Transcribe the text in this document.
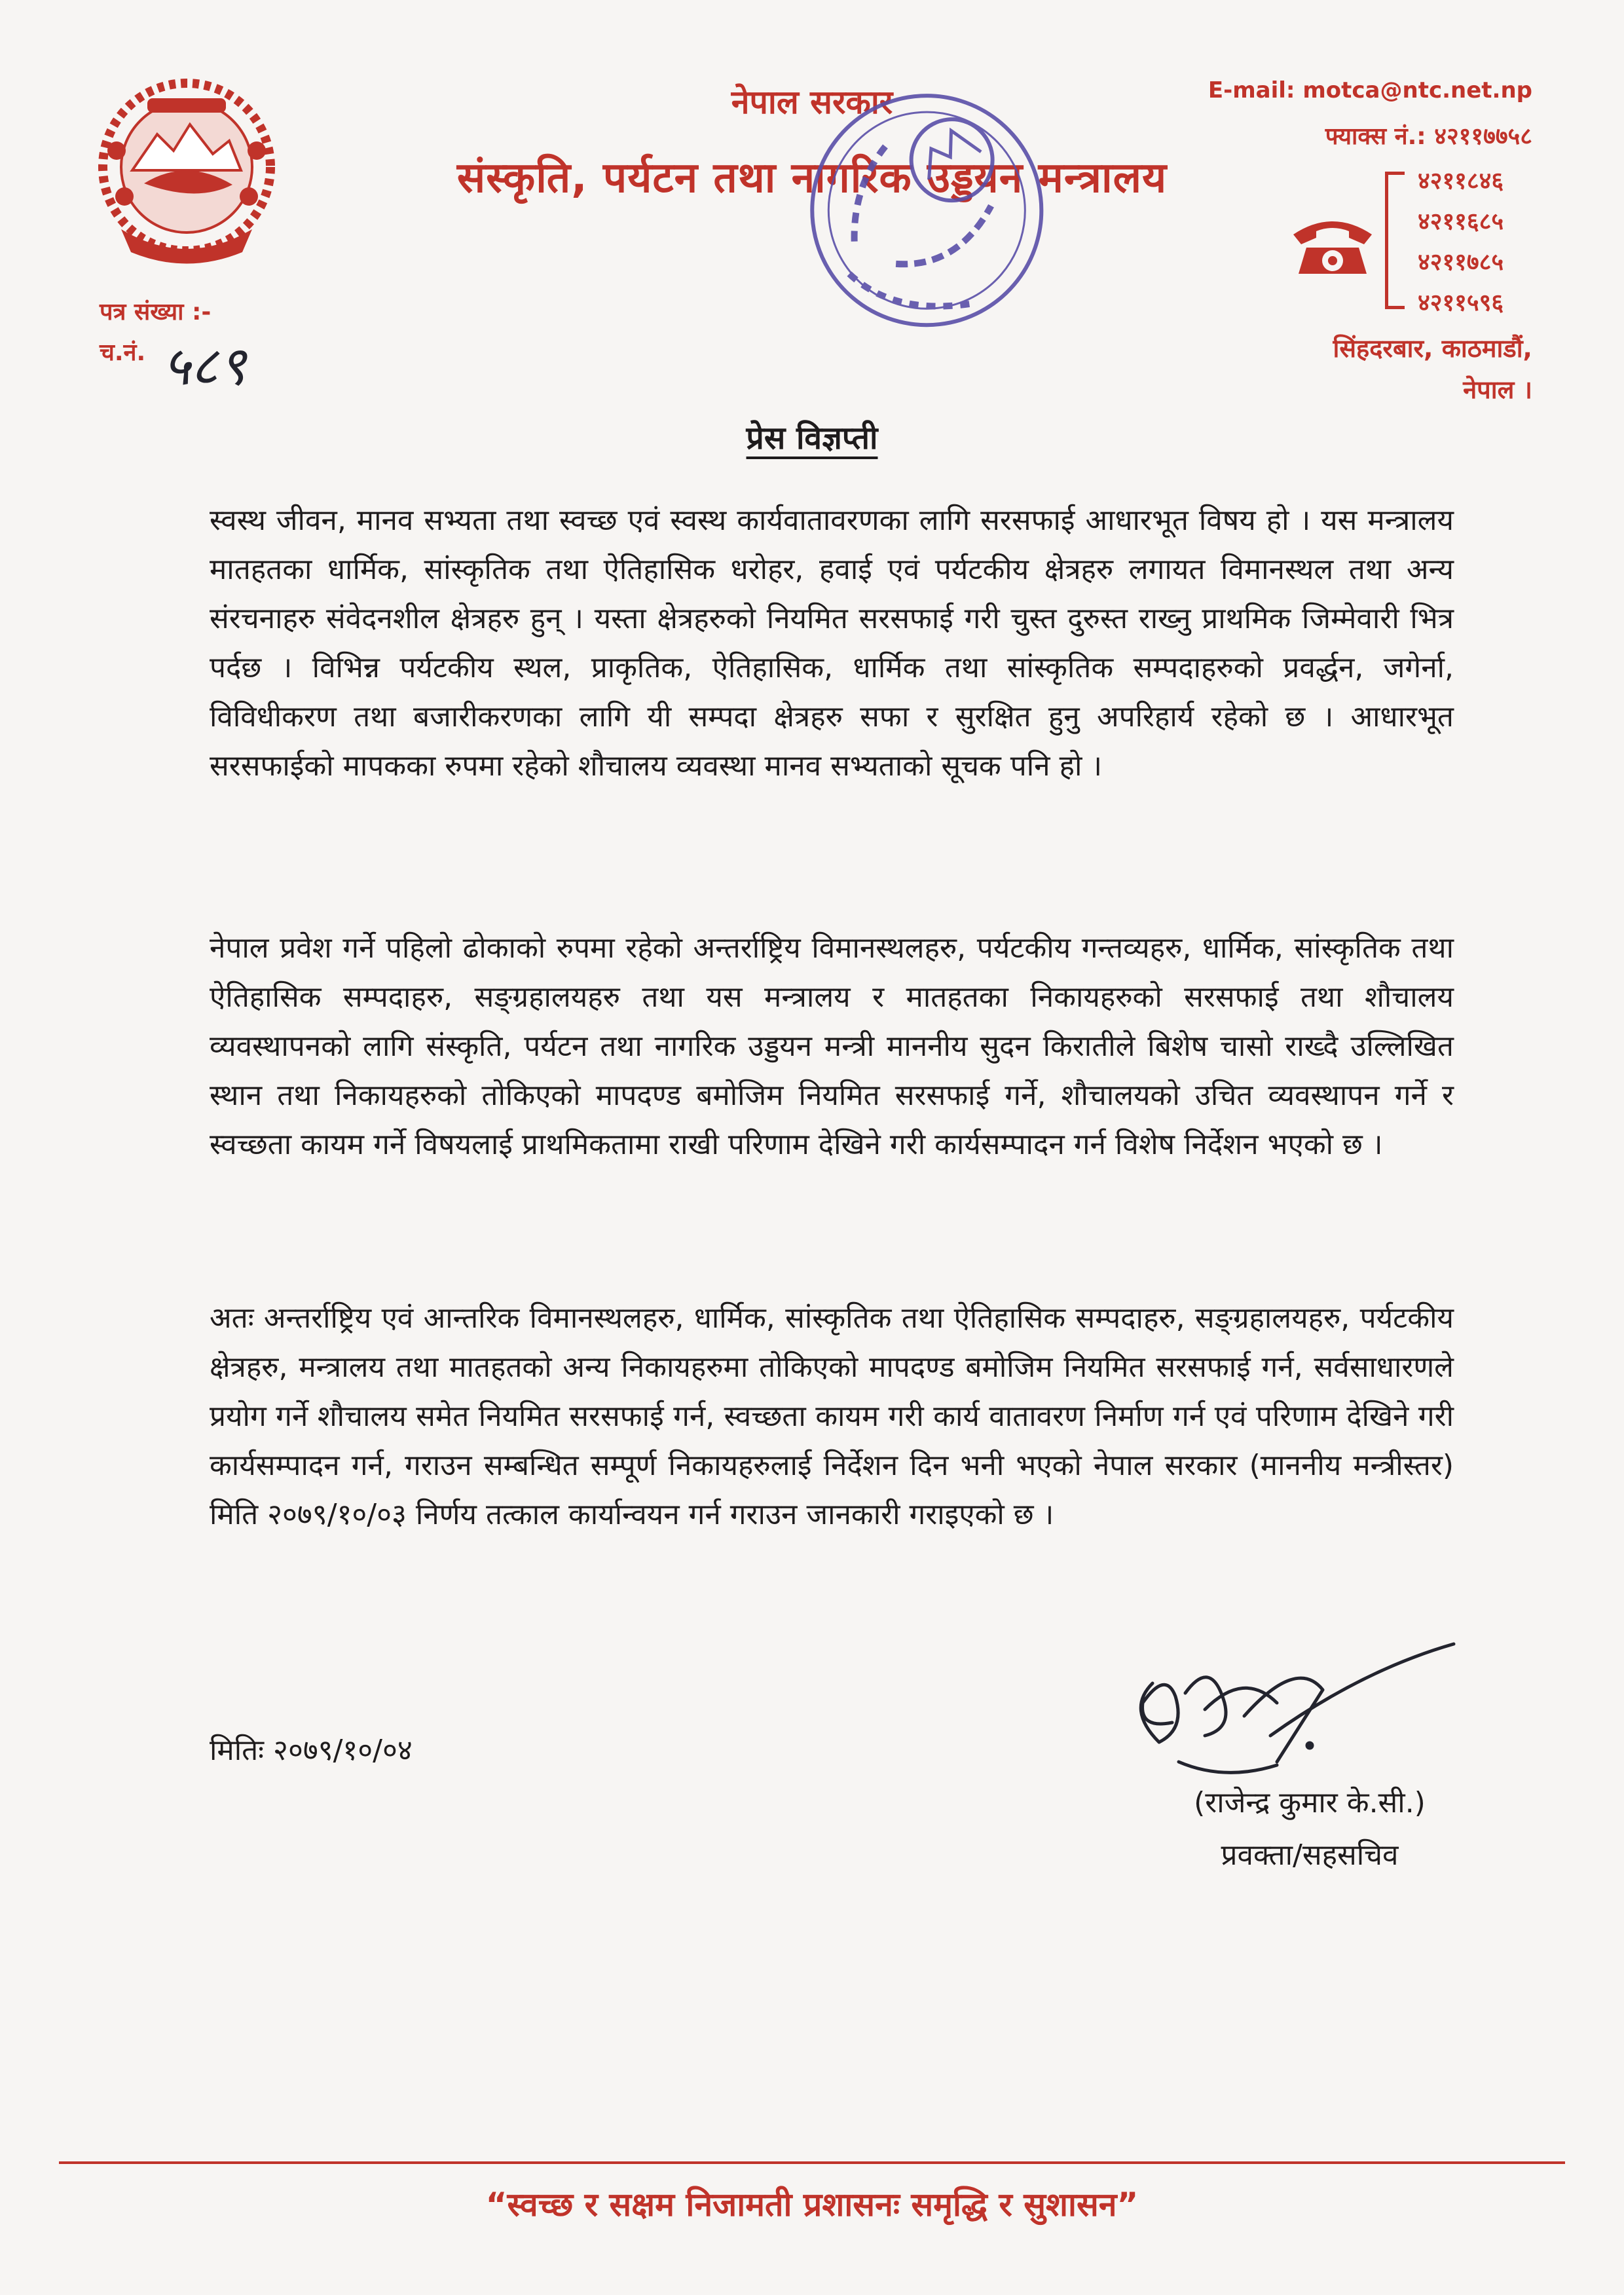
नेपाल सरकार
संस्कृति, पर्यटन तथा नागरिक उड्डयन मन्त्रालय
E-mail: motca@ntc.net.np
फ्याक्स नं.: ४२११७७५८
४२११८४६
४२११६८५
४२११७८५
४२११५९६
सिंहदरबार, काठमाडौं,
नेपाल ।
पत्र संख्या :-
च.नं. ५८९
प्रेस विज्ञप्ती

स्वस्थ जीवन, मानव सभ्यता तथा स्वच्छ एवं स्वस्थ कार्यवातावरणका लागि सरसफाई आधारभूत विषय हो । यस मन्त्रालय मातहतका धार्मिक, सांस्कृतिक तथा ऐतिहासिक धरोहर, हवाई एवं पर्यटकीय क्षेत्रहरु लगायत विमानस्थल तथा अन्य संरचनाहरु संवेदनशील क्षेत्रहरु हुन् । यस्ता क्षेत्रहरुको नियमित सरसफाई गरी चुस्त दुरुस्त राख्नु प्राथमिक जिम्मेवारी भित्र पर्दछ । विभिन्न पर्यटकीय स्थल, प्राकृतिक, ऐतिहासिक, धार्मिक तथा सांस्कृतिक सम्पदाहरुको प्रवर्द्धन, जगेर्ना, विविधीकरण तथा बजारीकरणका लागि यी सम्पदा क्षेत्रहरु सफा र सुरक्षित हुनु अपरिहार्य रहेको छ । आधारभूत सरसफाईको मापकका रुपमा रहेको शौचालय व्यवस्था मानव सभ्यताको सूचक पनि हो ।

नेपाल प्रवेश गर्ने पहिलो ढोकाको रुपमा रहेको अन्तर्राष्ट्रिय विमानस्थलहरु, पर्यटकीय गन्तव्यहरु, धार्मिक, सांस्कृतिक तथा ऐतिहासिक सम्पदाहरु, सङ्ग्रहालयहरु तथा यस मन्त्रालय र मातहतका निकायहरुको सरसफाई तथा शौचालय व्यवस्थापनको लागि संस्कृति, पर्यटन तथा नागरिक उड्डयन मन्त्री माननीय सुदन किरातीले बिशेष चासो राख्दै उल्लिखित स्थान तथा निकायहरुको तोकिएको मापदण्ड बमोजिम नियमित सरसफाई गर्ने, शौचालयको उचित व्यवस्थापन गर्ने र स्वच्छता कायम गर्ने विषयलाई प्राथमिकतामा राखी परिणाम देखिने गरी कार्यसम्पादन गर्न विशेष निर्देशन भएको छ ।

अतः अन्तर्राष्ट्रिय एवं आन्तरिक विमानस्थलहरु, धार्मिक, सांस्कृतिक तथा ऐतिहासिक सम्पदाहरु, सङ्ग्रहालयहरु, पर्यटकीय क्षेत्रहरु, मन्त्रालय तथा मातहतको अन्य निकायहरुमा तोकिएको मापदण्ड बमोजिम नियमित सरसफाई गर्न, सर्वसाधारणले प्रयोग गर्ने शौचालय समेत नियमित सरसफाई गर्न, स्वच्छता कायम गरी कार्य वातावरण निर्माण गर्न एवं परिणाम देखिने गरी कार्यसम्पादन गर्न, गराउन सम्बन्धित सम्पूर्ण निकायहरुलाई निर्देशन दिन भनी भएको नेपाल सरकार (माननीय मन्त्रीस्तर) मिति २०७९/१०/०३ निर्णय तत्काल कार्यान्वयन गर्न गराउन जानकारी गराइएको छ ।

मितिः २०७९/१०/०४
(राजेन्द्र कुमार के.सी.)
प्रवक्ता/सहसचिव
“स्वच्छ र सक्षम निजामती प्रशासनः समृद्धि र सुशासन”
